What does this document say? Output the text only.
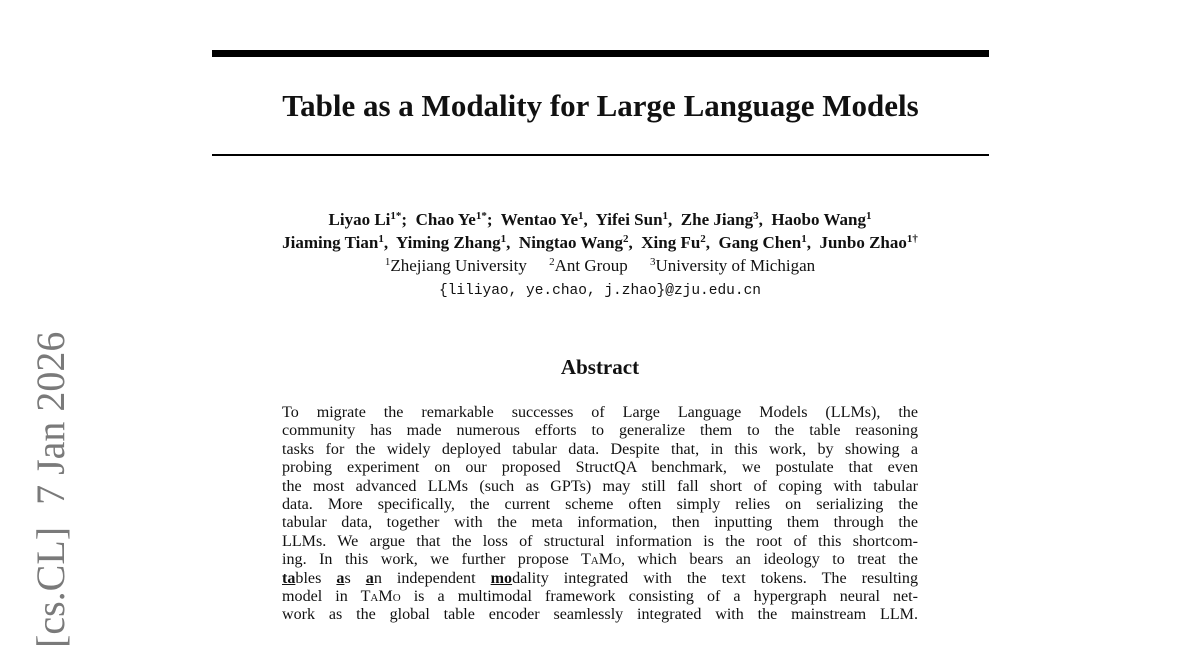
Table as a Modality for Large Language Models
Liyao $Li^{1*}$;  Chao $Ye^{1*}$;  Wentao Ye$^1$,  Yifei Sun$^1$,  Zhe Jiang$^3$,  Haobo Wang$^1$
Jiaming Tian$^1$,  Yiming Zhang$^1$,  Ningtao Wang$^2$,  Xing Fu$^2$,  Gang Chen$^1$,  Junbo Zhao$^{1\dagger}$
$^1$Zhejiang University $^2$Ant Group $^3$University of Michigan
{liliyao, ye.chao, j.zhao}@zju.edu.cn
Abstract
To migrate the remarkable successes of Large Language Models (LLMs), the
community has made numerous efforts to generalize them to the table reasoning
tasks for the widely deployed tabular data. Despite that, in this work, by showing a
probing experiment on our proposed StructQA benchmark, we postulate that even
the most advanced LLMs (such as GPTs) may still fall short of coping with tabular
data. More specifically, the current scheme often simply relies on serializing the
tabular data, together with the meta information, then inputting them through the
LLMs. We argue that the loss of structural information is the root of this shortcom-
ing. In this work, we further propose TaMo, which bears an ideology to treat the
tables as an independent modality integrated with the text tokens. The resulting
model in TaMo is a multimodal framework consisting of a hypergraph neural net-
work as the global table encoder seamlessly integrated with the mainstream LLM.
[cs.CL]7 Jan 2026
